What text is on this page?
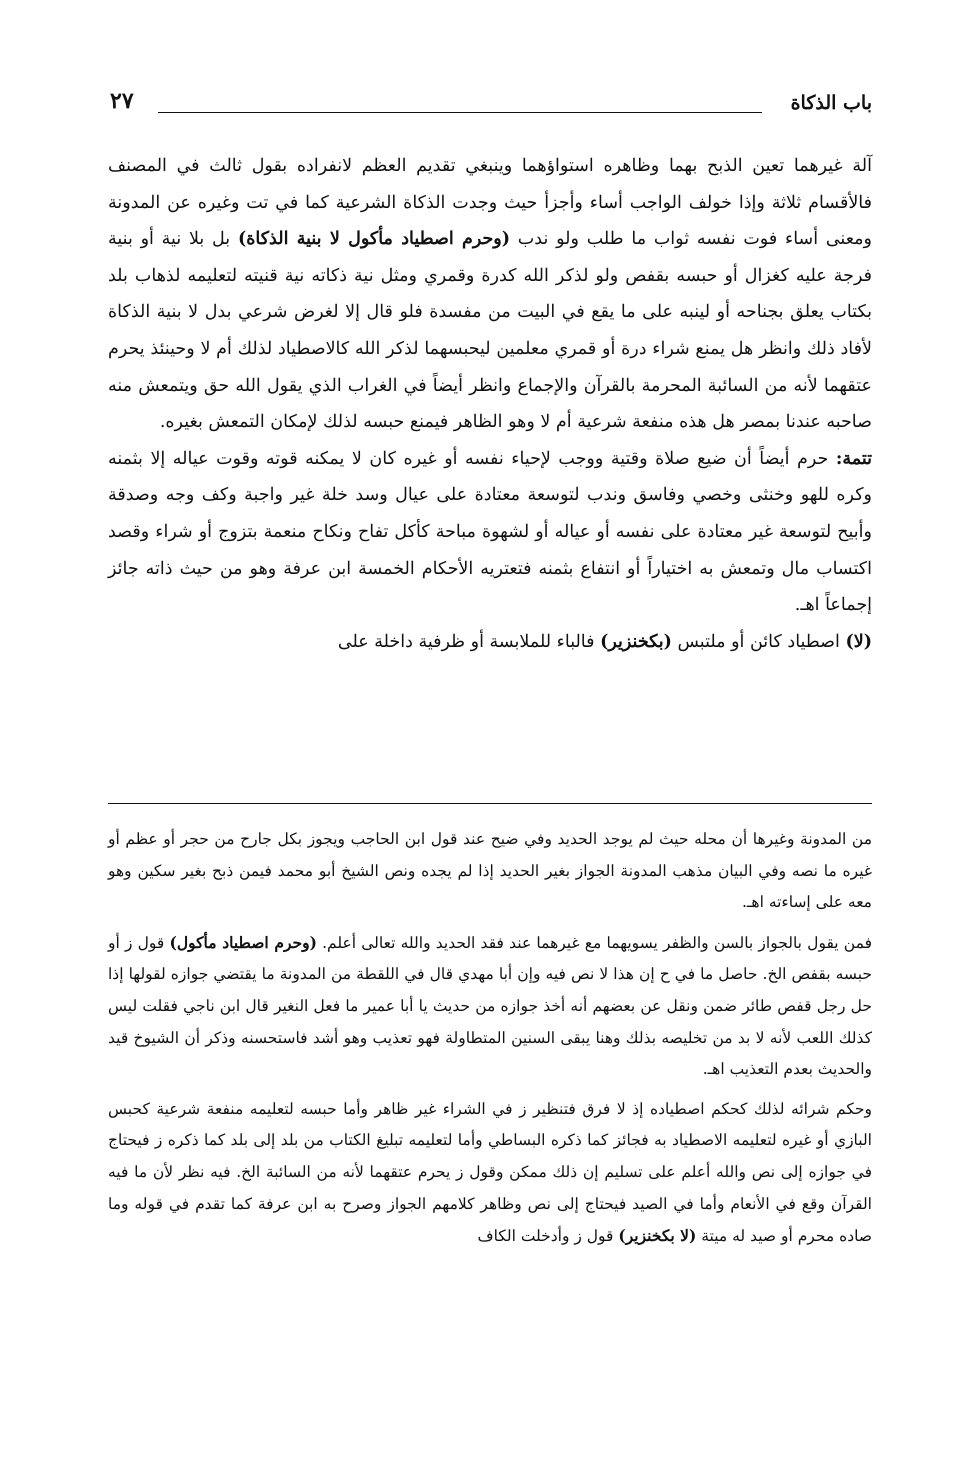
باب الذكاة
٢٧

آلة غيرهما تعين الذبح بهما وظاهره استواؤهما وينبغي تقديم العظم لانفراده بقول ثالث في المصنف فالأقسام ثلاثة وإذا خولف الواجب أساء وأجزأ حيث وجدت الذكاة الشرعية كما في تت وغيره عن المدونة ومعنى أساء فوت نفسه ثواب ما طلب ولو ندب (وحرم اصطياد مأكول لا بنية الذكاة) بل بلا نية أو بنية فرجة عليه كغزال أو حبسه بقفص ولو لذكر الله كدرة وقمري ومثل نية ذكاته نية قنيته لتعليمه لذهاب بلد بكتاب يعلق بجناحه أو لينبه على ما يقع في البيت من مفسدة فلو قال إلا لغرض شرعي بدل لا بنية الذكاة لأفاد ذلك وانظر هل يمنع شراء درة أو قمري معلمين ليحبسهما لذكر الله كالاصطياد لذلك أم لا وحينئذ يحرم عتقهما لأنه من السائبة المحرمة بالقرآن والإجماع وانظر أيضاً في الغراب الذي يقول الله حق ويتمعش منه صاحبه عندنا بمصر هل هذه منفعة شرعية أم لا وهو الظاهر فيمنع حبسه لذلك لإمكان التمعش بغيره.

تتمة: حرم أيضاً أن ضيع صلاة وقتية ووجب لإحياء نفسه أو غيره كان لا يمكنه قوته وقوت عياله إلا بثمنه وكره للهو وخنثى وخصي وفاسق وندب لتوسعة معتادة على عيال وسد خلة غير واجبة وكف وجه وصدقة وأبيح لتوسعة غير معتادة على نفسه أو عياله أو لشهوة مباحة كأكل تفاح ونكاح منعمة بتزوج أو شراء وقصد اكتساب مال وتمعش به اختياراً أو انتفاع بثمنه فتعتريه الأحكام الخمسة ابن عرفة وهو من حيث ذاته جائز إجماعاً اهـ.

(لا) اصطياد كائن أو ملتبس (بكخنزير) فالباء للملابسة أو ظرفية داخلة على

من المدونة وغيرها أن محله حيث لم يوجد الحديد وفي ضيح عند قول ابن الحاجب ويجوز بكل جارح من حجر أو عظم أو غيره ما نصه وفي البيان مذهب المدونة الجواز بغير الحديد إذا لم يجده ونص الشيخ أبو محمد فيمن ذبح بغير سكين وهو معه على إساءته اهـ.

فمن يقول بالجواز بالسن والظفر يسويهما مع غيرهما عند فقد الحديد والله تعالى أعلم. (وحرم اصطياد مأكول) قول ز أو حبسه بقفص الخ. حاصل ما في ح إن هذا لا نص فيه وإن أبا مهدي قال في اللقطة من المدونة ما يقتضي جوازه لقولها إذا حل رجل قفص طائر ضمن ونقل عن بعضهم أنه أخذ جوازه من حديث يا أبا عمير ما فعل النغير قال ابن ناجي فقلت ليس كذلك اللعب لأنه لا بد من تخليصه بذلك وهنا يبقى السنين المتطاولة فهو تعذيب وهو أشد فاستحسنه وذكر أن الشيوخ قيد والحديث بعدم التعذيب اهـ.

وحكم شرائه لذلك كحكم اصطياده إذ لا فرق فتنظير ز في الشراء غير ظاهر وأما حبسه لتعليمه منفعة شرعية كحبس البازي أو غيره لتعليمه الاصطياد به فجائز كما ذكره البساطي وأما لتعليمه تبليغ الكتاب من بلد إلى بلد كما ذكره ز فيحتاج في جوازه إلى نص والله أعلم على تسليم إن ذلك ممكن وقول ز يحرم عتقهما لأنه من السائبة الخ. فيه نظر لأن ما فيه القرآن وقع في الأنعام وأما في الصيد فيحتاج إلى نص وظاهر كلامهم الجواز وصرح به ابن عرفة كما تقدم في قوله وما صاده محرم أو صيد له ميتة (لا بكخنزير) قول ز وأدخلت الكاف
